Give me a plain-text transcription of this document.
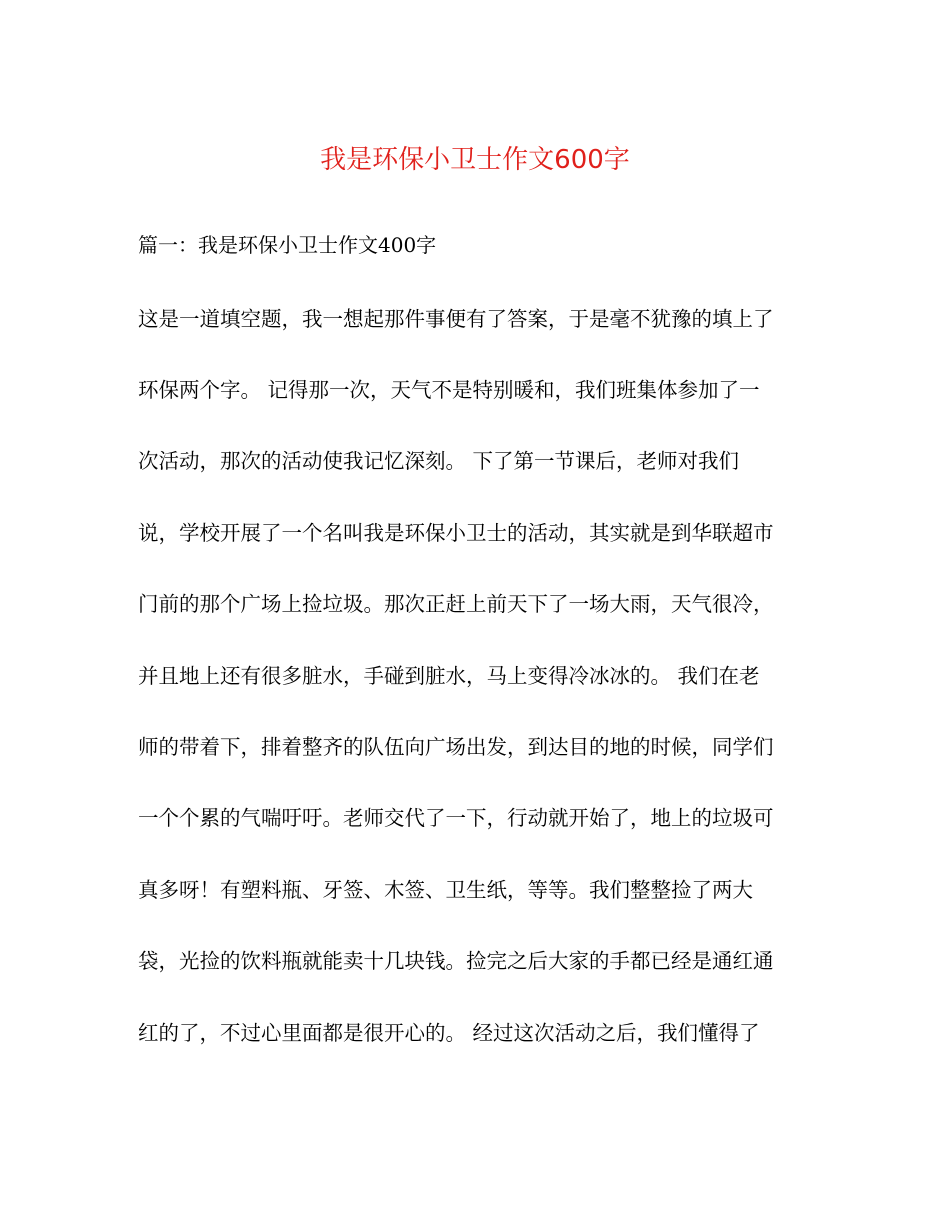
我是环保小卫士作文600字
篇一：我是环保小卫士作文400字
这是一道填空题，我一想起那件事便有了答案，于是毫不犹豫的填上了
环保两个字。 记得那一次，天气不是特别暖和，我们班集体参加了一
次活动，那次的活动使我记忆深刻。 下了第一节课后，老师对我们
说，学校开展了一个名叫我是环保小卫士的活动，其实就是到华联超市
门前的那个广场上捡垃圾。那次正赶上前天下了一场大雨，天气很冷，
并且地上还有很多脏水，手碰到脏水，马上变得冷冰冰的。 我们在老
师的带着下，排着整齐的队伍向广场出发，到达目的地的时候，同学们
一个个累的气喘吁吁。老师交代了一下，行动就开始了，地上的垃圾可
真多呀！有塑料瓶、牙签、木签、卫生纸，等等。我们整整捡了两大
袋，光捡的饮料瓶就能卖十几块钱。捡完之后大家的手都已经是通红通
红的了，不过心里面都是很开心的。 经过这次活动之后，我们懂得了
